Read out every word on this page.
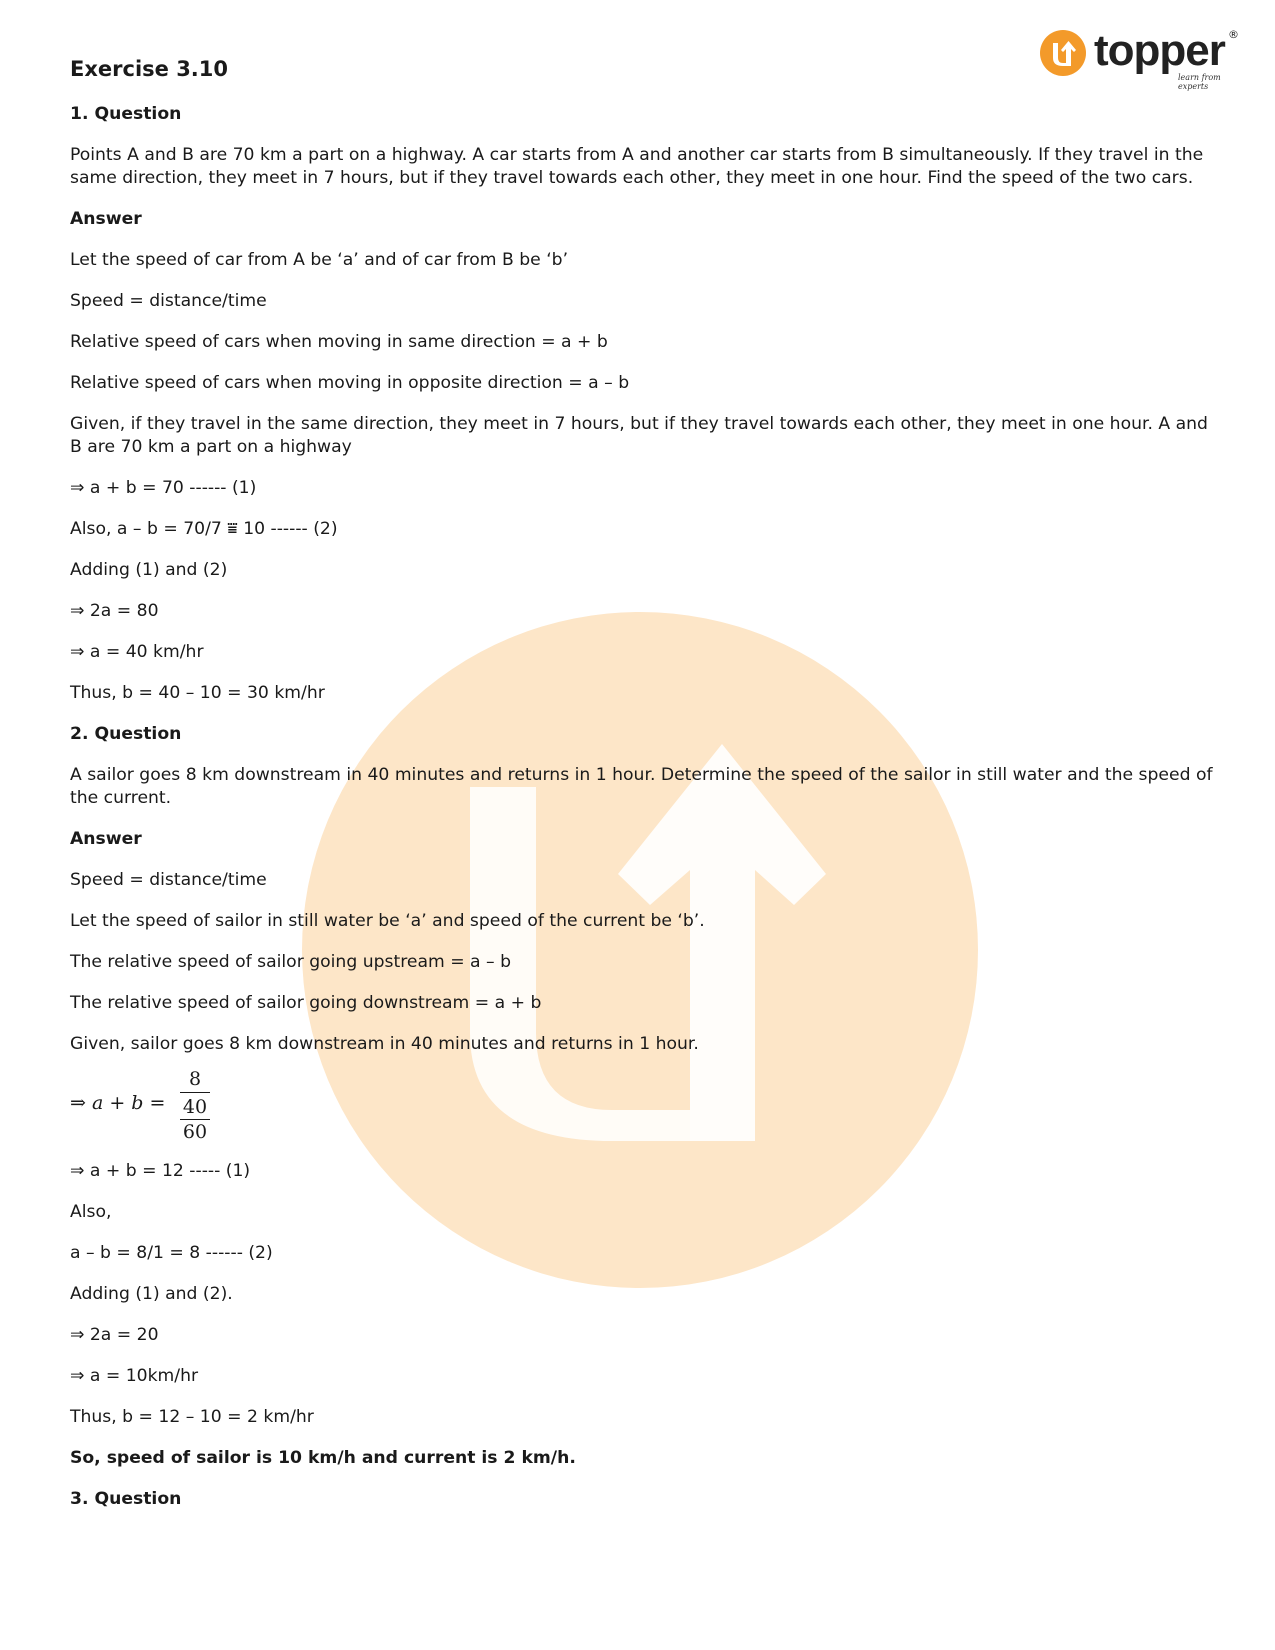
topper ®
learn from experts
Exercise 3.10
1. Question
Points A and B are 70 km a part on a highway. A car starts from A and another car starts from B simultaneously. If they travel in the same direction, they meet in 7 hours, but if they travel towards each other, they meet in one hour. Find the speed of the two cars.
Answer
Let the speed of car from A be ‘a’ and of car from B be ‘b’
Speed = distance/time
Relative speed of cars when moving in same direction = a + b
Relative speed of cars when moving in opposite direction = a – b
Given, if they travel in the same direction, they meet in 7 hours, but if they travel towards each other, they meet in one hour. A and B are 70 km a part on a highway
⇒ a + b = 70 ------ (1)
Also, a – b = 70/7 ⩸ 10 ------ (2)
Adding (1) and (2)
⇒ 2a = 80
⇒ a = 40 km/hr
Thus, b = 40 – 10 = 30 km/hr
2. Question
A sailor goes 8 km downstream in 40 minutes and returns in 1 hour. Determine the speed of the sailor in still water and the speed of the current.
Answer
Speed = distance/time
Let the speed of sailor in still water be ‘a’ and speed of the current be ‘b’.
The relative speed of sailor going upstream = a – b
The relative speed of sailor going downstream = a + b
Given, sailor goes 8 km downstream in 40 minutes and returns in 1 hour.
⇒ a + b = 8
40
60
⇒ a + b = 12 ----- (1)
Also,
a – b = 8/1 = 8 ------ (2)
Adding (1) and (2).
⇒ 2a = 20
⇒ a = 10km/hr
Thus, b = 12 – 10 = 2 km/hr
So, speed of sailor is 10 km/h and current is 2 km/h.
3. Question
